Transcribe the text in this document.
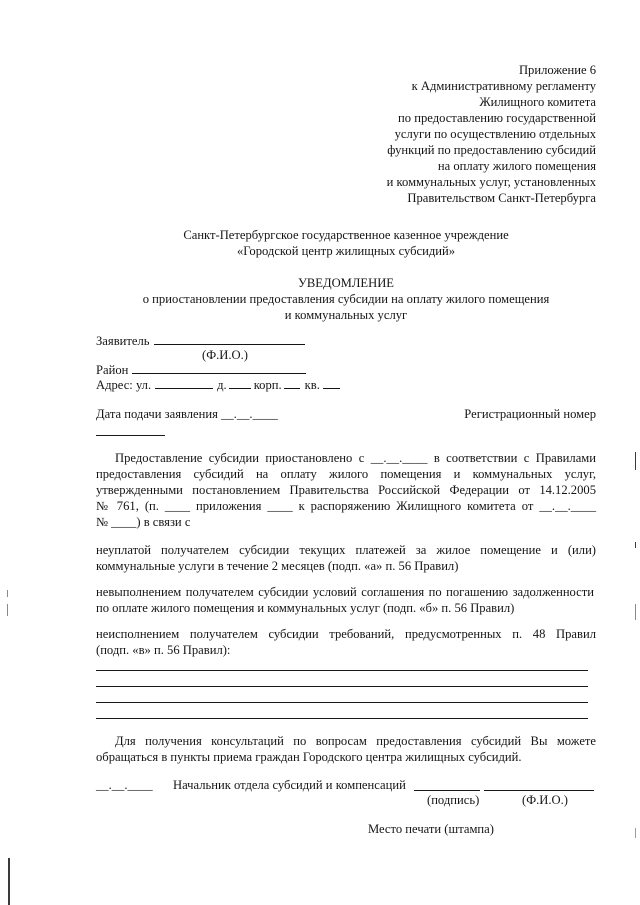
Приложение 6
к Административному регламенту
Жилищного комитета
по предоставлению государственной
услуги по осуществлению отдельных
функций по предоставлению субсидий
на оплату жилого помещения
и коммунальных услуг, установленных
Правительством Санкт-Петербурга
Санкт-Петербургское государственное казенное учреждение
«Городской центр жилищных субсидий»
УВЕДОМЛЕНИЕ
о приостановлении предоставления субсидии на оплату жилого помещения
и коммунальных услуг
Заявитель
(Ф.И.О.)
Район
Адрес: ул.	д. корп. кв.
Дата подачи заявления __.__.____	Регистрационный номер
Предоставление субсидии приостановлено с __.__.____ в соответствии с Правилами
предоставления субсидий на оплату жилого помещения и коммунальных услуг,
утвержденными постановлением Правительства Российской Федерации от 14.12.2005
№ 761, (п. ____ приложения ____ к распоряжению Жилищного комитета от __.__.____
№ ____) в связи с
неуплатой получателем субсидии текущих платежей за жилое помещение и (или)
коммунальные услуги в течение 2 месяцев (подп. «а» п. 56 Правил)
невыполнением получателем субсидии условий соглашения по погашению задолженности
по оплате жилого помещения и коммунальных услуг (подп. «б» п. 56 Правил)
неисполнением получателем субсидии требований, предусмотренных п. 48 Правил
(подп. «в» п. 56 Правил):
Для получения консультаций по вопросам предоставления субсидий Вы можете
обращаться в пункты приема граждан Городского центра жилищных субсидий.
__.__.____ Начальник отдела субсидий и компенсаций
(подпись)	(Ф.И.О.)
Место печати (штампа)
